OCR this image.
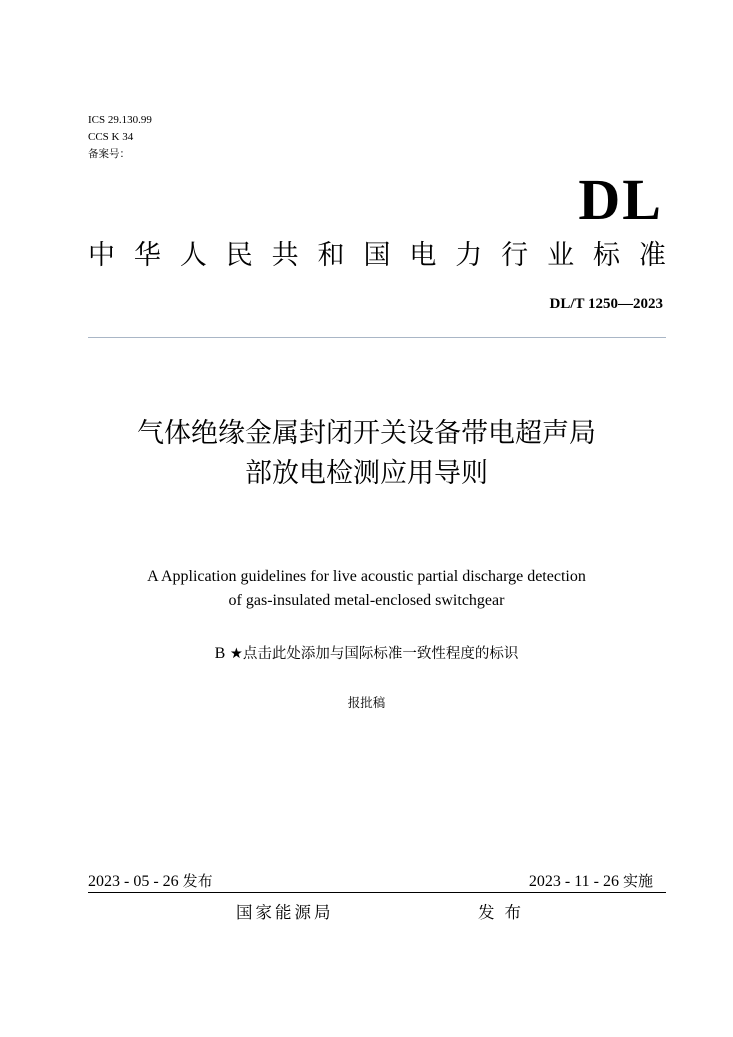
ICS 29.130.99
CCS K 34
备案号：
DL
中 华 人 民 共 和 国 电 力 行 业 标 准
DL/T 1250—2023
气体绝缘金属封闭开关设备带电超声局
部放电检测应用导则
A Application guidelines for live acoustic partial discharge detection
of gas-insulated metal-enclosed switchgear
B ★点击此处添加与国际标准一致性程度的标识
报批稿
2023 - 05 - 26 发布	2023 - 11 - 26 实施
国家能源局	发布
